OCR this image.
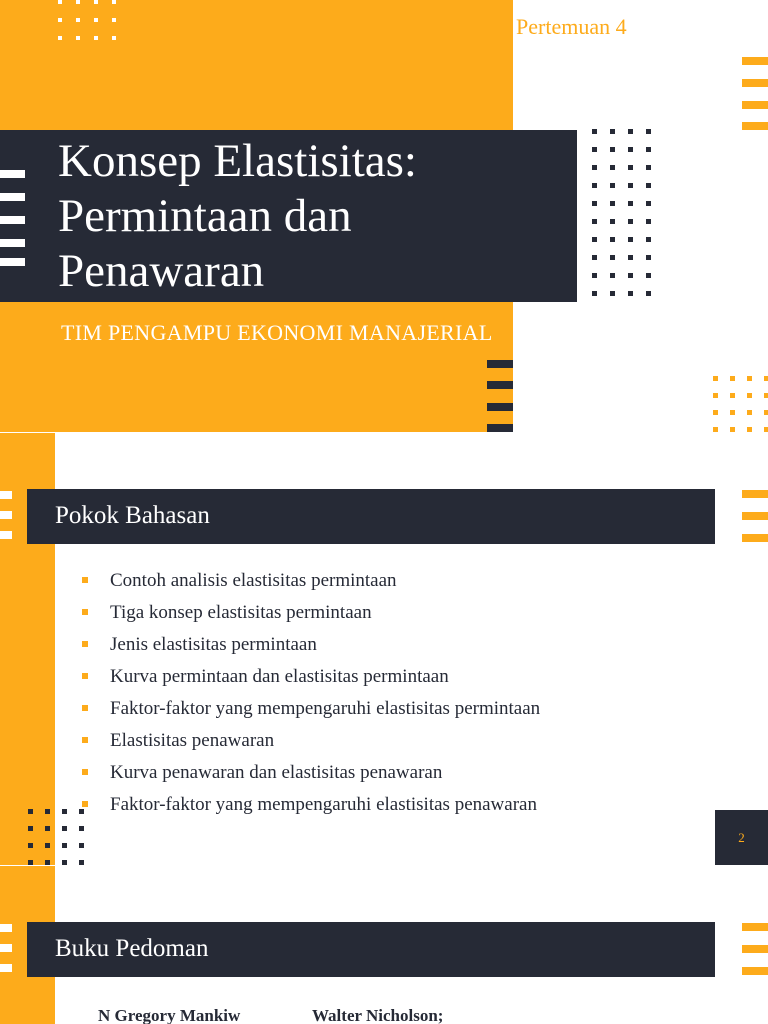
Pertemuan 4
Konsep Elastisitas:
Permintaan dan
Penawaran
TIM PENGAMPU EKONOMI MANAJERIAL
Pokok Bahasan
Contoh analisis elastisitas permintaan
Tiga konsep elastisitas permintaan
Jenis elastisitas permintaan
Kurva permintaan dan elastisitas permintaan
Faktor-faktor yang mempengaruhi elastisitas permintaan
Elastisitas penawaran
Kurva penawaran dan elastisitas penawaran
Faktor-faktor yang mempengaruhi elastisitas penawaran
2
Buku Pedoman
N Gregory Mankiw	Walter Nicholson;
